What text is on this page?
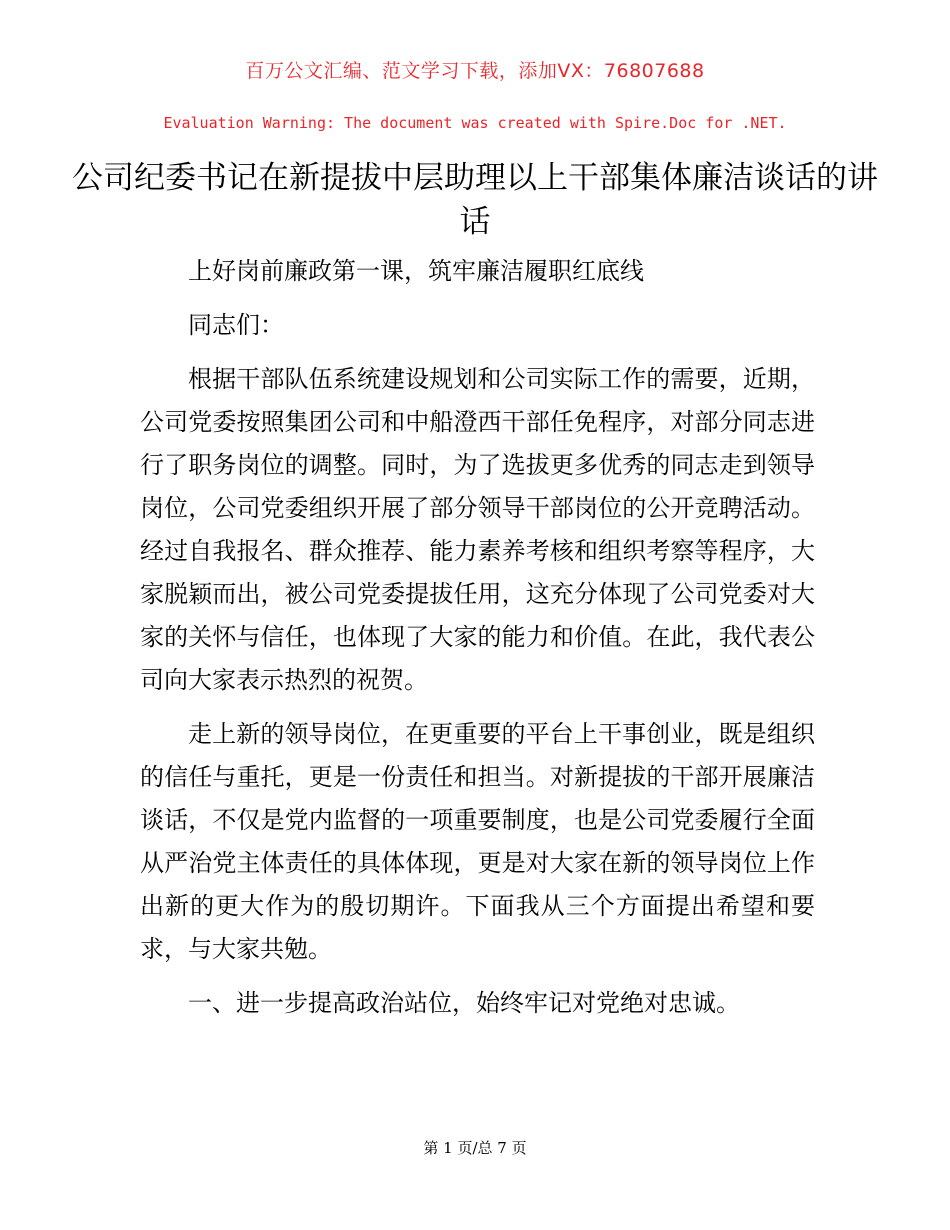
百万公文汇编、范文学习下载，添加VX：76807688
Evaluation Warning: The document was created with Spire.Doc for .NET.
公司纪委书记在新提拔中层助理以上干部集体廉洁谈话的讲话

上好岗前廉政第一课，筑牢廉洁履职红底线

同志们：

根据干部队伍系统建设规划和公司实际工作的需要，近期，公司党委按照集团公司和中船澄西干部任免程序，对部分同志进行了职务岗位的调整。同时，为了选拔更多优秀的同志走到领导岗位，公司党委组织开展了部分领导干部岗位的公开竞聘活动。经过自我报名、群众推荐、能力素养考核和组织考察等程序，大家脱颖而出，被公司党委提拔任用，这充分体现了公司党委对大家的关怀与信任，也体现了大家的能力和价值。在此，我代表公司向大家表示热烈的祝贺。

走上新的领导岗位，在更重要的平台上干事创业，既是组织的信任与重托，更是一份责任和担当。对新提拔的干部开展廉洁谈话，不仅是党内监督的一项重要制度，也是公司党委履行全面从严治党主体责任的具体体现，更是对大家在新的领导岗位上作出新的更大作为的殷切期许。下面我从三个方面提出希望和要求，与大家共勉。

一、进一步提高政治站位，始终牢记对党绝对忠诚。

第 1 页/总 7 页
